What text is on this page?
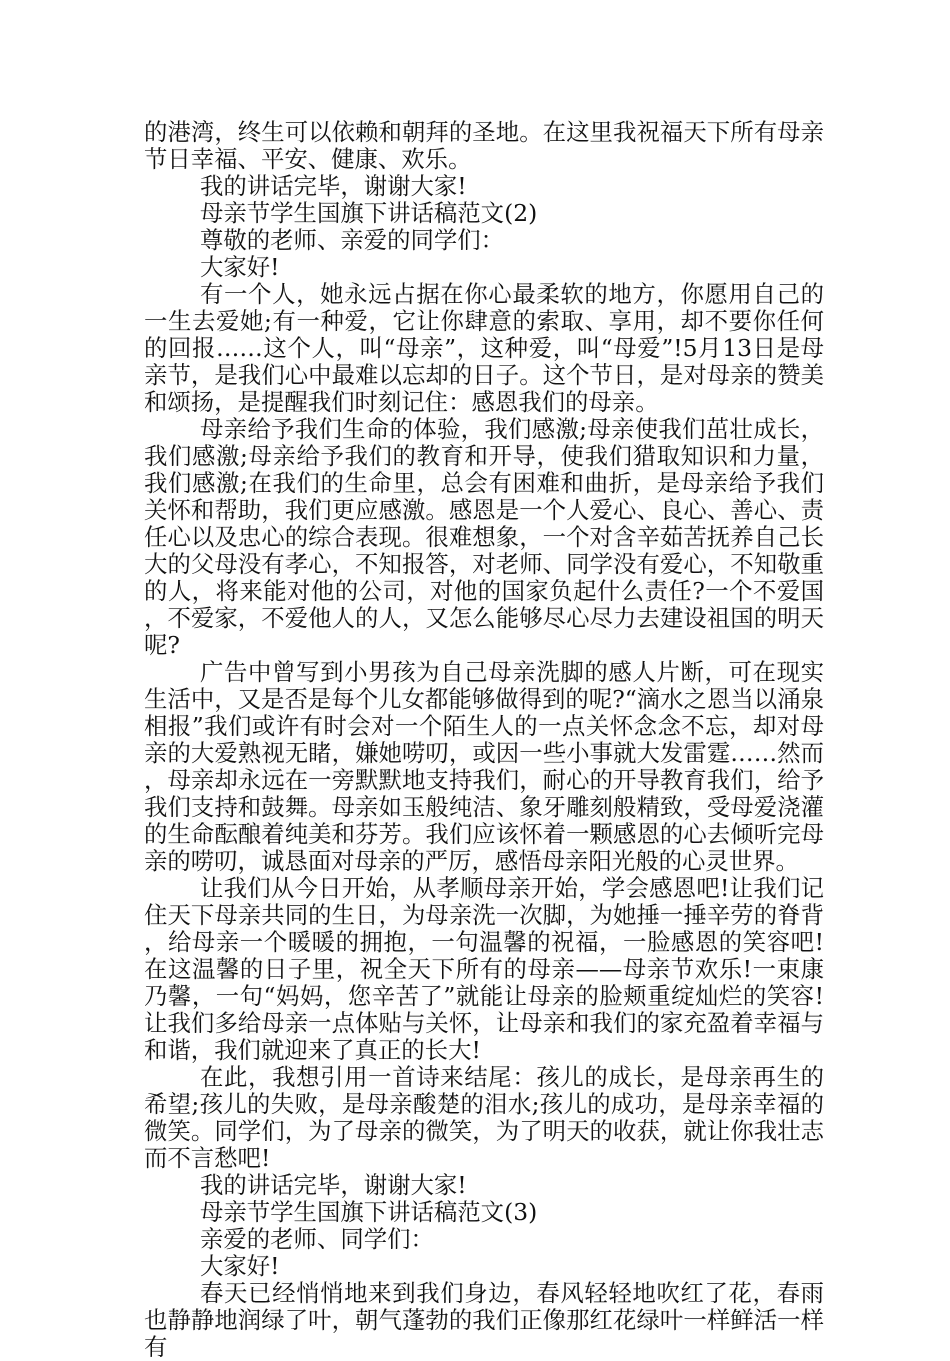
的港湾，终生可以依赖和朝拜的圣地。在这里我祝福天下所有母亲节日幸福、平安、健康、欢乐。

我的讲话完毕，谢谢大家!

母亲节学生国旗下讲话稿范文(2)

尊敬的老师、亲爱的同学们：

大家好!

有一个人，她永远占据在你心最柔软的地方，你愿用自己的一生去爱她;有一种爱，它让你肆意的索取、享用，却不要你任何的回报……这个人，叫“母亲”，这种爱，叫“母爱”!5月13日是母亲节，是我们心中最难以忘却的日子。这个节日，是对母亲的赞美和颂扬，是提醒我们时刻记住：感恩我们的母亲。

母亲给予我们生命的体验，我们感激;母亲使我们茁壮成长，我们感激;母亲给予我们的教育和开导，使我们猎取知识和力量，我们感激;在我们的生命里，总会有困难和曲折，是母亲给予我们关怀和帮助，我们更应感激。感恩是一个人爱心、良心、善心、责任心以及忠心的综合表现。很难想象，一个对含辛茹苦抚养自己长大的父母没有孝心，不知报答，对老师、同学没有爱心，不知敬重的人，将来能对他的公司，对他的国家负起什么责任?一个不爱国，不爱家，不爱他人的人，又怎么能够尽心尽力去建设祖国的明天呢?

广告中曾写到小男孩为自己母亲洗脚的感人片断，可在现实生活中，又是否是每个儿女都能够做得到的呢?“滴水之恩当以涌泉相报”我们或许有时会对一个陌生人的一点关怀念念不忘，却对母亲的大爱熟视无睹，嫌她唠叨，或因一些小事就大发雷霆……然而，母亲却永远在一旁默默地支持我们，耐心的开导教育我们，给予我们支持和鼓舞。母亲如玉般纯洁、象牙雕刻般精致，受母爱浇灌的生命酝酿着纯美和芬芳。我们应该怀着一颗感恩的心去倾听完母亲的唠叨，诚恳面对母亲的严厉，感悟母亲阳光般的心灵世界。

让我们从今日开始，从孝顺母亲开始，学会感恩吧!让我们记住天下母亲共同的生日，为母亲洗一次脚，为她捶一捶辛劳的脊背，给母亲一个暖暖的拥抱，一句温馨的祝福，一脸感恩的笑容吧!在这温馨的日子里，祝全天下所有的母亲——母亲节欢乐!一束康乃馨，一句“妈妈，您辛苦了”就能让母亲的脸颊重绽灿烂的笑容!让我们多给母亲一点体贴与关怀，让母亲和我们的家充盈着幸福与和谐，我们就迎来了真正的长大!

在此，我想引用一首诗来结尾：孩儿的成长，是母亲再生的希望;孩儿的失败，是母亲酸楚的泪水;孩儿的成功，是母亲幸福的微笑。同学们，为了母亲的微笑，为了明天的收获，就让你我壮志而不言愁吧!

我的讲话完毕，谢谢大家!

母亲节学生国旗下讲话稿范文(3)

亲爱的老师、同学们：

大家好!

春天已经悄悄地来到我们身边，春风轻轻地吹红了花，春雨也静静地润绿了叶，朝气蓬勃的我们正像那红花绿叶一样鲜活一样有
